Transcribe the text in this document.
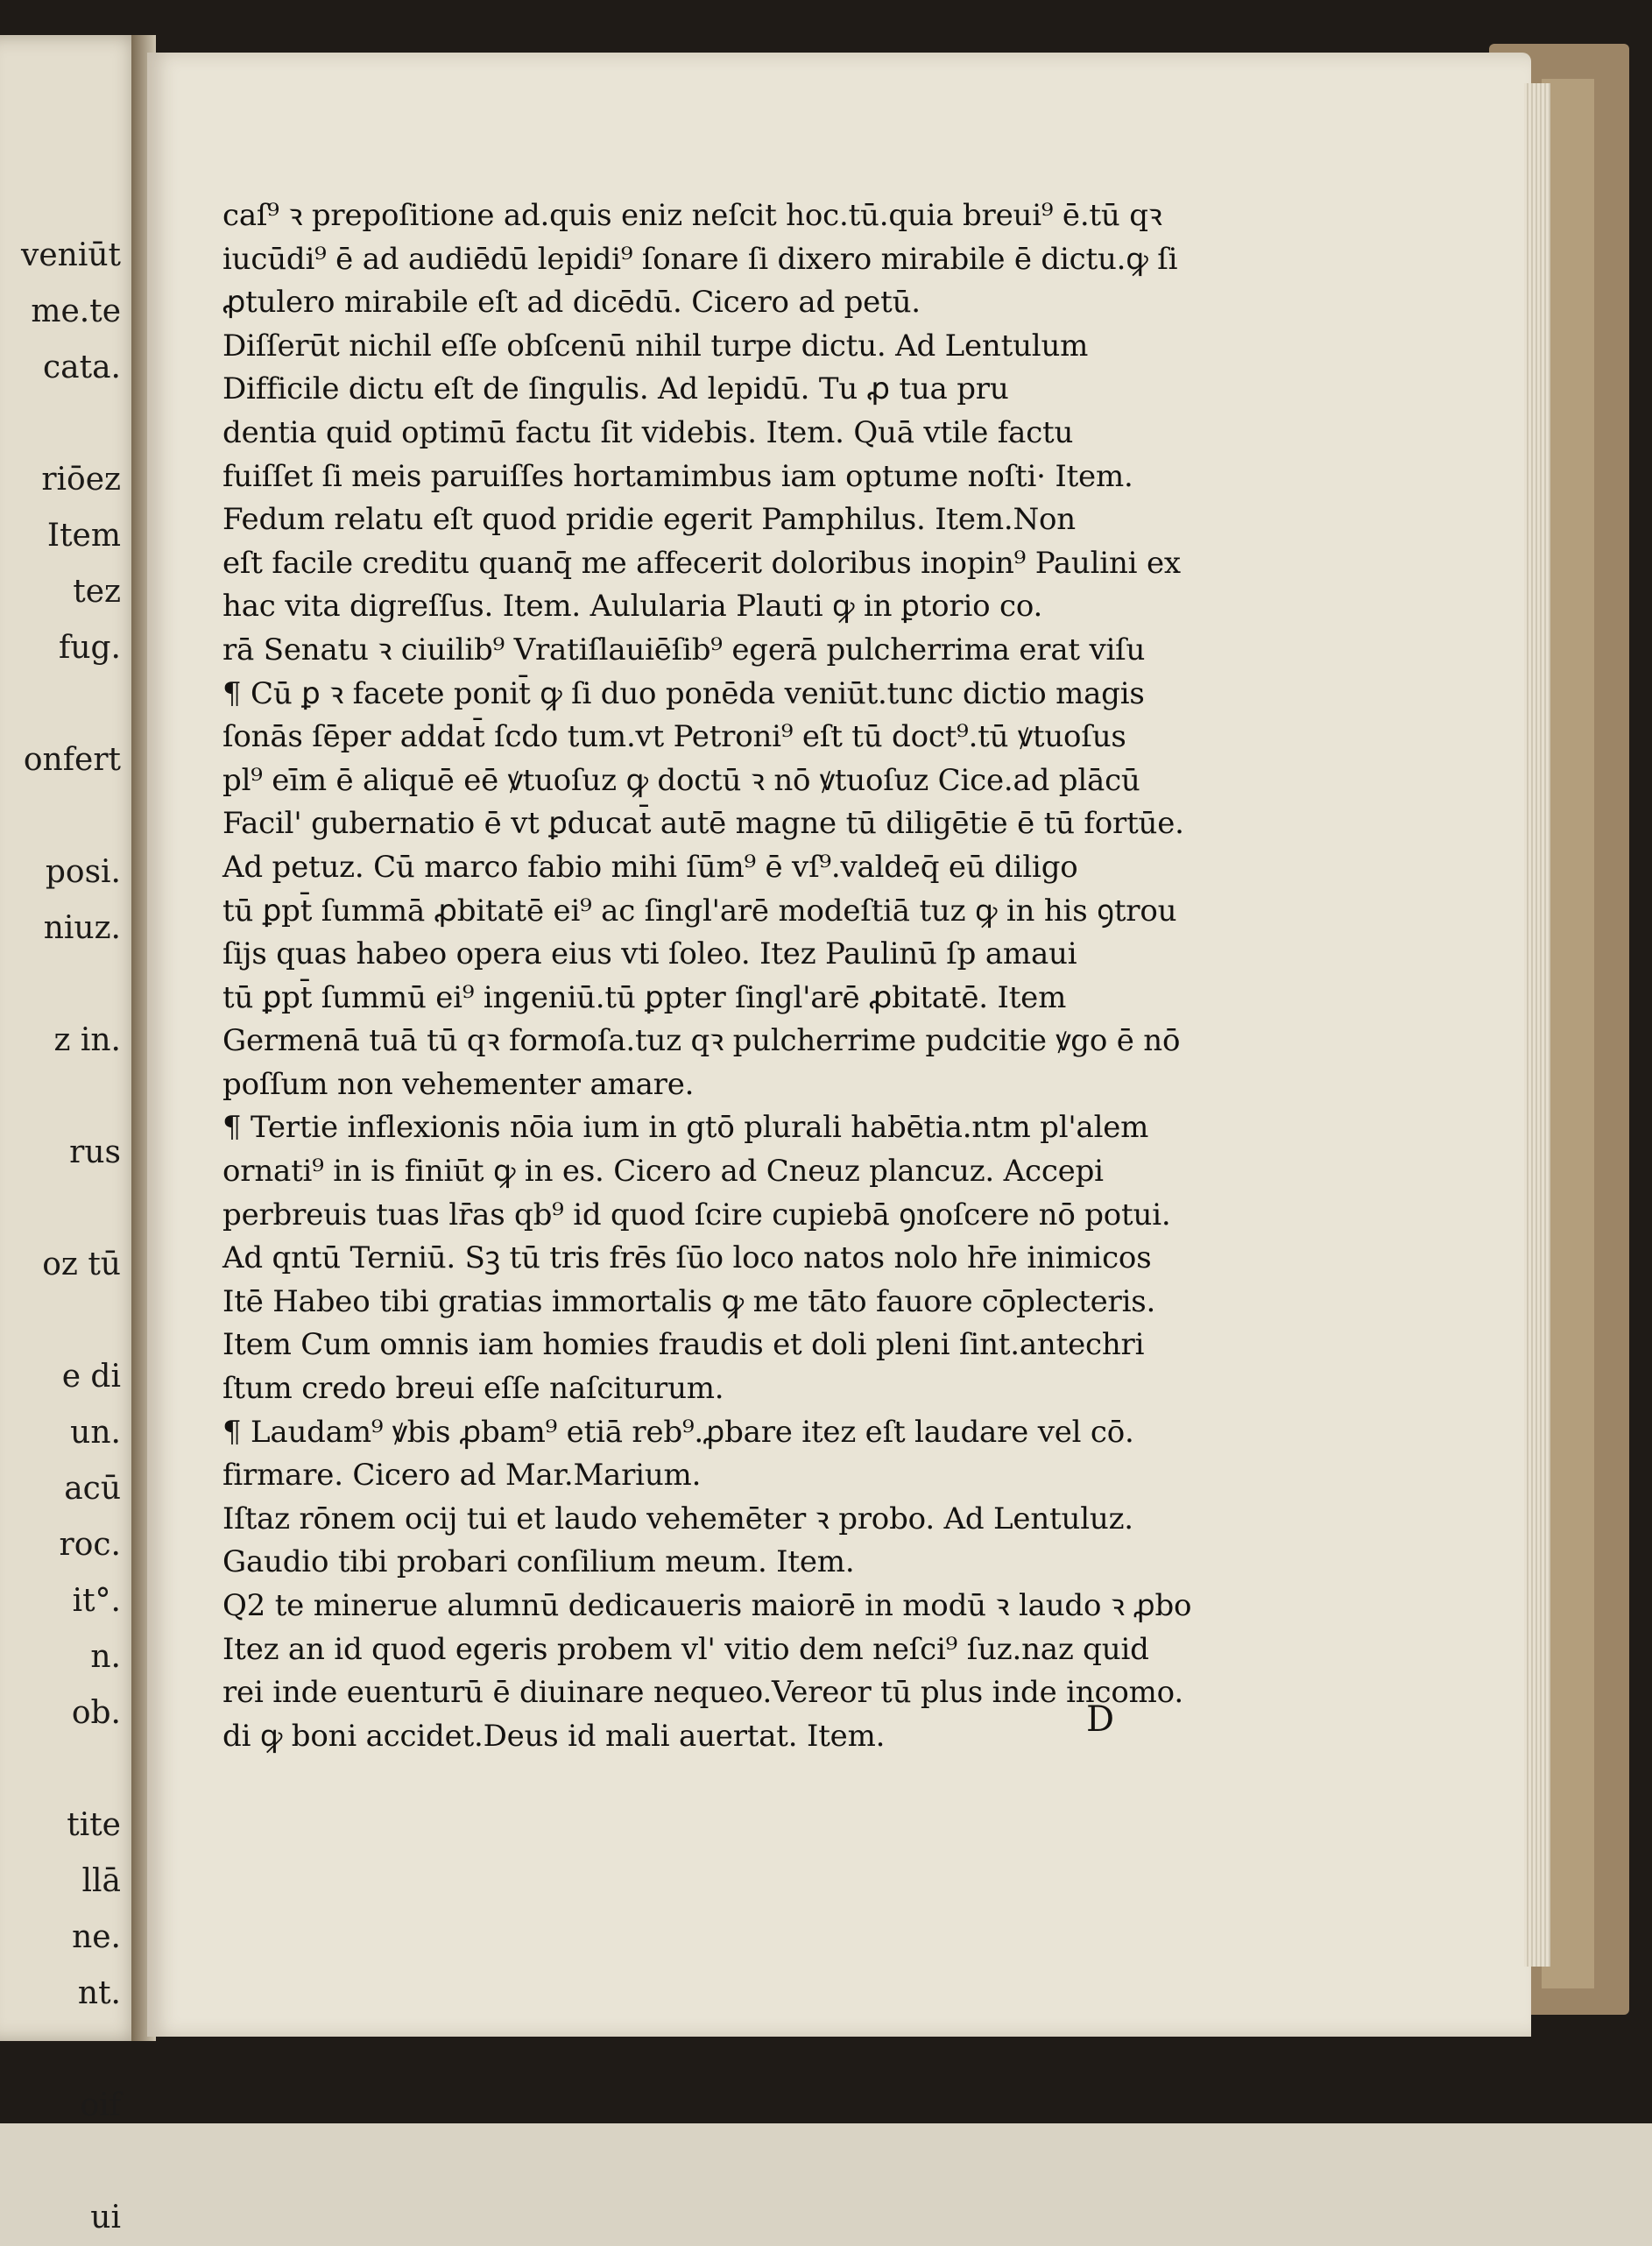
veniūt
me.te
cata.
riōez
Item
tez
fug.
onfert
posi.
niuz.
z in.
rus
oz tū
e di
un.
acū
roc.
it°.
n.
ob.
tite
llā
ne.
nt.
oif
ui
caſ⁹ ꝛ prepoſitione ad.quis eniz neſcit hoc.tū.quia breui⁹ ē.tū qꝛ
iucūdi⁹ ē ad audiēdū lepidi⁹ ſonare ſi dixero mirabile ē dictu.ꝙ ſi
ꝓtulero mirabile eſt ad dicēdū. Cicero ad petū.
Diſſerūt nichil eſſe obſcenū nihil turpe dictu. Ad Lentulum
Difficile dictu eſt de ſingulis. Ad lepidū. Tu ꝓ tua pru
dentia quid optimū factu ſit videbis. Item. Quā vtile factu
fuiſſet ſi meis paruiſſes hortamimbus iam optume noſti· Item.
Fedum relatu eſt quod pridie egerit Pamphilus. Item.Non
eſt facile creditu quanq̄ me affecerit doloribus inopin⁹ Paulini ex
hac vita digreſſus. Item. Aulularia Plauti ꝙ in ꝑtorio co.
rā Senatu ꝛ ciuilib⁹ Vratiſlauiēſib⁹ egerā pulcherrima erat viſu
¶ Cū ꝑ ꝛ facete ponit̄ ꝙ ſi duo ponēda veniūt.tunc dictio magis
ſonās ſēper addat̄ ſcdo tum.vt Petroni⁹ eſt tū doct⁹.tū ꝟtuoſus
pl⁹ eīm ē aliquē eē ꝟtuoſuz ꝙ doctū ꝛ nō ꝟtuoſuz Cice.ad plācū
Facil' gubernatio ē vt ꝑducat̄ autē magne tū diligētie ē tū fortūe.
Ad petuz. Cū marco fabio mihi ſūm⁹ ē vſ⁹.valdeq̄ eū diligo
tū ꝑpt̄ ſummā ꝓbitatē ei⁹ ac ſingl'arē modeſtiā tuz ꝙ in his ꝯtrou
ſijs quas habeo opera eius vti ſoleo. Itez Paulinū ſp amaui
tū ꝑpt̄ ſummū ei⁹ ingeniū.tū ꝑpter ſingl'arē ꝓbitatē. Item
Germenā tuā tū qꝛ formoſa.tuz qꝛ pulcherrime pudcitie ꝟgo ē nō
poſſum non vehementer amare.
¶ Tertie inflexionis nōia ium in gtō plurali habētia.ntm pl'alem
ornati⁹ in is finiūt ꝙ in es. Cicero ad Cneuz plancuz. Accepi
perbreuis tuas lr̄as qb⁹ id quod ſcire cupiebā ꝯnoſcere nō potui.
Ad qntū Terniū. Sꝫ tū tris frēs ſūo loco natos nolo hr̄e inimicos
Itē Habeo tibi gratias immortalis ꝙ me tāto fauore cōplecteris.
Item Cum omnis iam homies fraudis et doli pleni ſint.antechri
ſtum credo breui eſſe naſciturum.
¶ Laudam⁹ ꝟbis ꝓbam⁹ etiā reb⁹.ꝓbare itez eſt laudare vel cō.
firmare. Cicero ad Mar.Marium.
Iſtaz rōnem ocij tui et laudo vehemēter ꝛ probo. Ad Lentuluz.
Gaudio tibi probari conſilium meum. Item.
Q2 te minerue alumnū dedicaueris maiorē in modū ꝛ laudo ꝛ ꝓbo
Itez an id quod egeris probem vl' vitio dem neſci⁹ ſuz.naz quid
rei inde euenturū ē diuinare nequeo.Vereor tū plus inde incomo.
di ꝙ boni accidet.Deus id mali auertat. Item.	D
